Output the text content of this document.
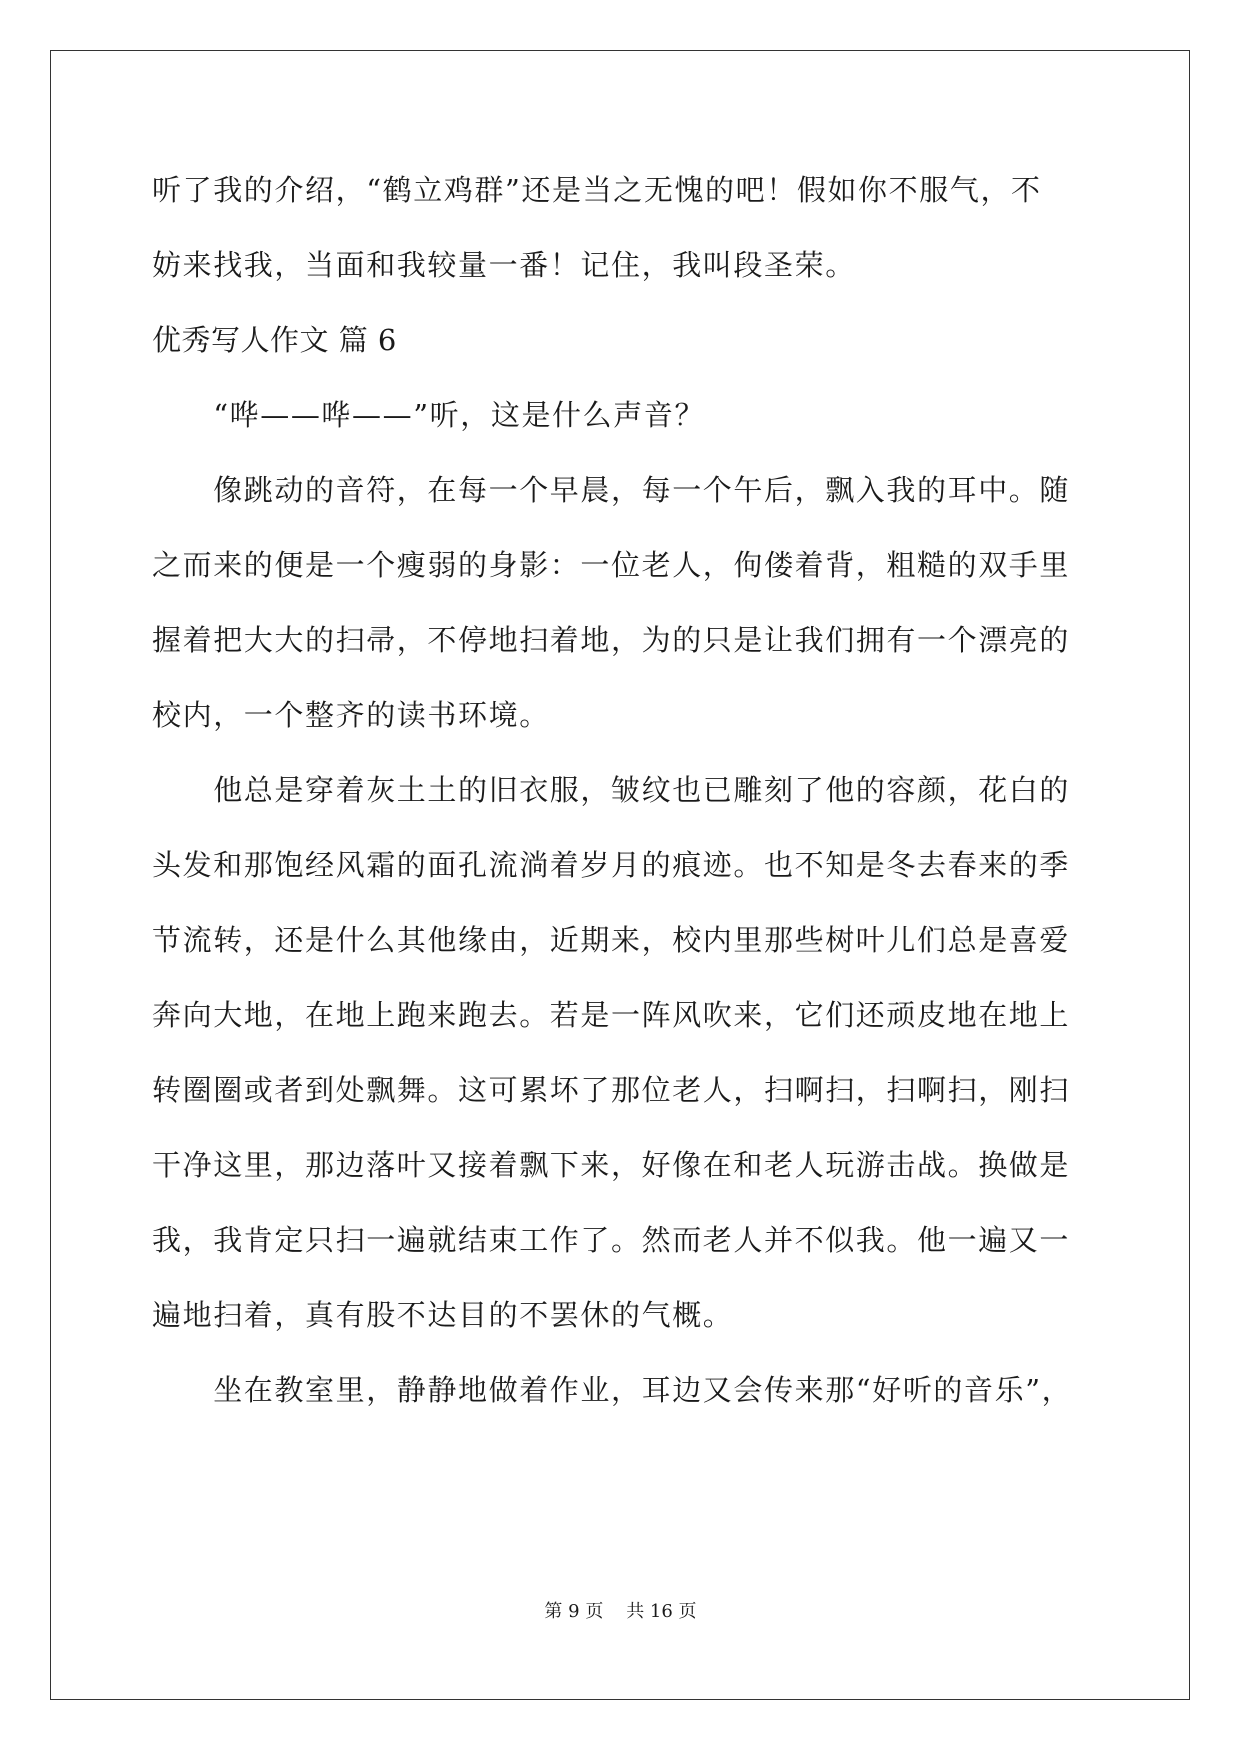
听了我的介绍，“鹤立鸡群”还是当之无愧的吧！假如你不服气，不
妨来找我，当面和我较量一番！记住，我叫段圣荣。
优秀写人作文 篇 6
　　“哗——哗——”听，这是什么声音？
　　像跳动的音符，在每一个早晨，每一个午后，飘入我的耳中。随
之而来的便是一个瘦弱的身影：一位老人，佝偻着背，粗糙的双手里
握着把大大的扫帚，不停地扫着地，为的只是让我们拥有一个漂亮的
校内，一个整齐的读书环境。
　　他总是穿着灰土土的旧衣服，皱纹也已雕刻了他的容颜，花白的
头发和那饱经风霜的面孔流淌着岁月的痕迹。也不知是冬去春来的季
节流转，还是什么其他缘由，近期来，校内里那些树叶儿们总是喜爱
奔向大地，在地上跑来跑去。若是一阵风吹来，它们还顽皮地在地上
转圈圈或者到处飘舞。这可累坏了那位老人，扫啊扫，扫啊扫，刚扫
干净这里，那边落叶又接着飘下来，好像在和老人玩游击战。换做是
我，我肯定只扫一遍就结束工作了。然而老人并不似我。他一遍又一
遍地扫着，真有股不达目的不罢休的气概。
　　坐在教室里，静静地做着作业，耳边又会传来那“好听的音乐”，
第 9 页    共 16 页
